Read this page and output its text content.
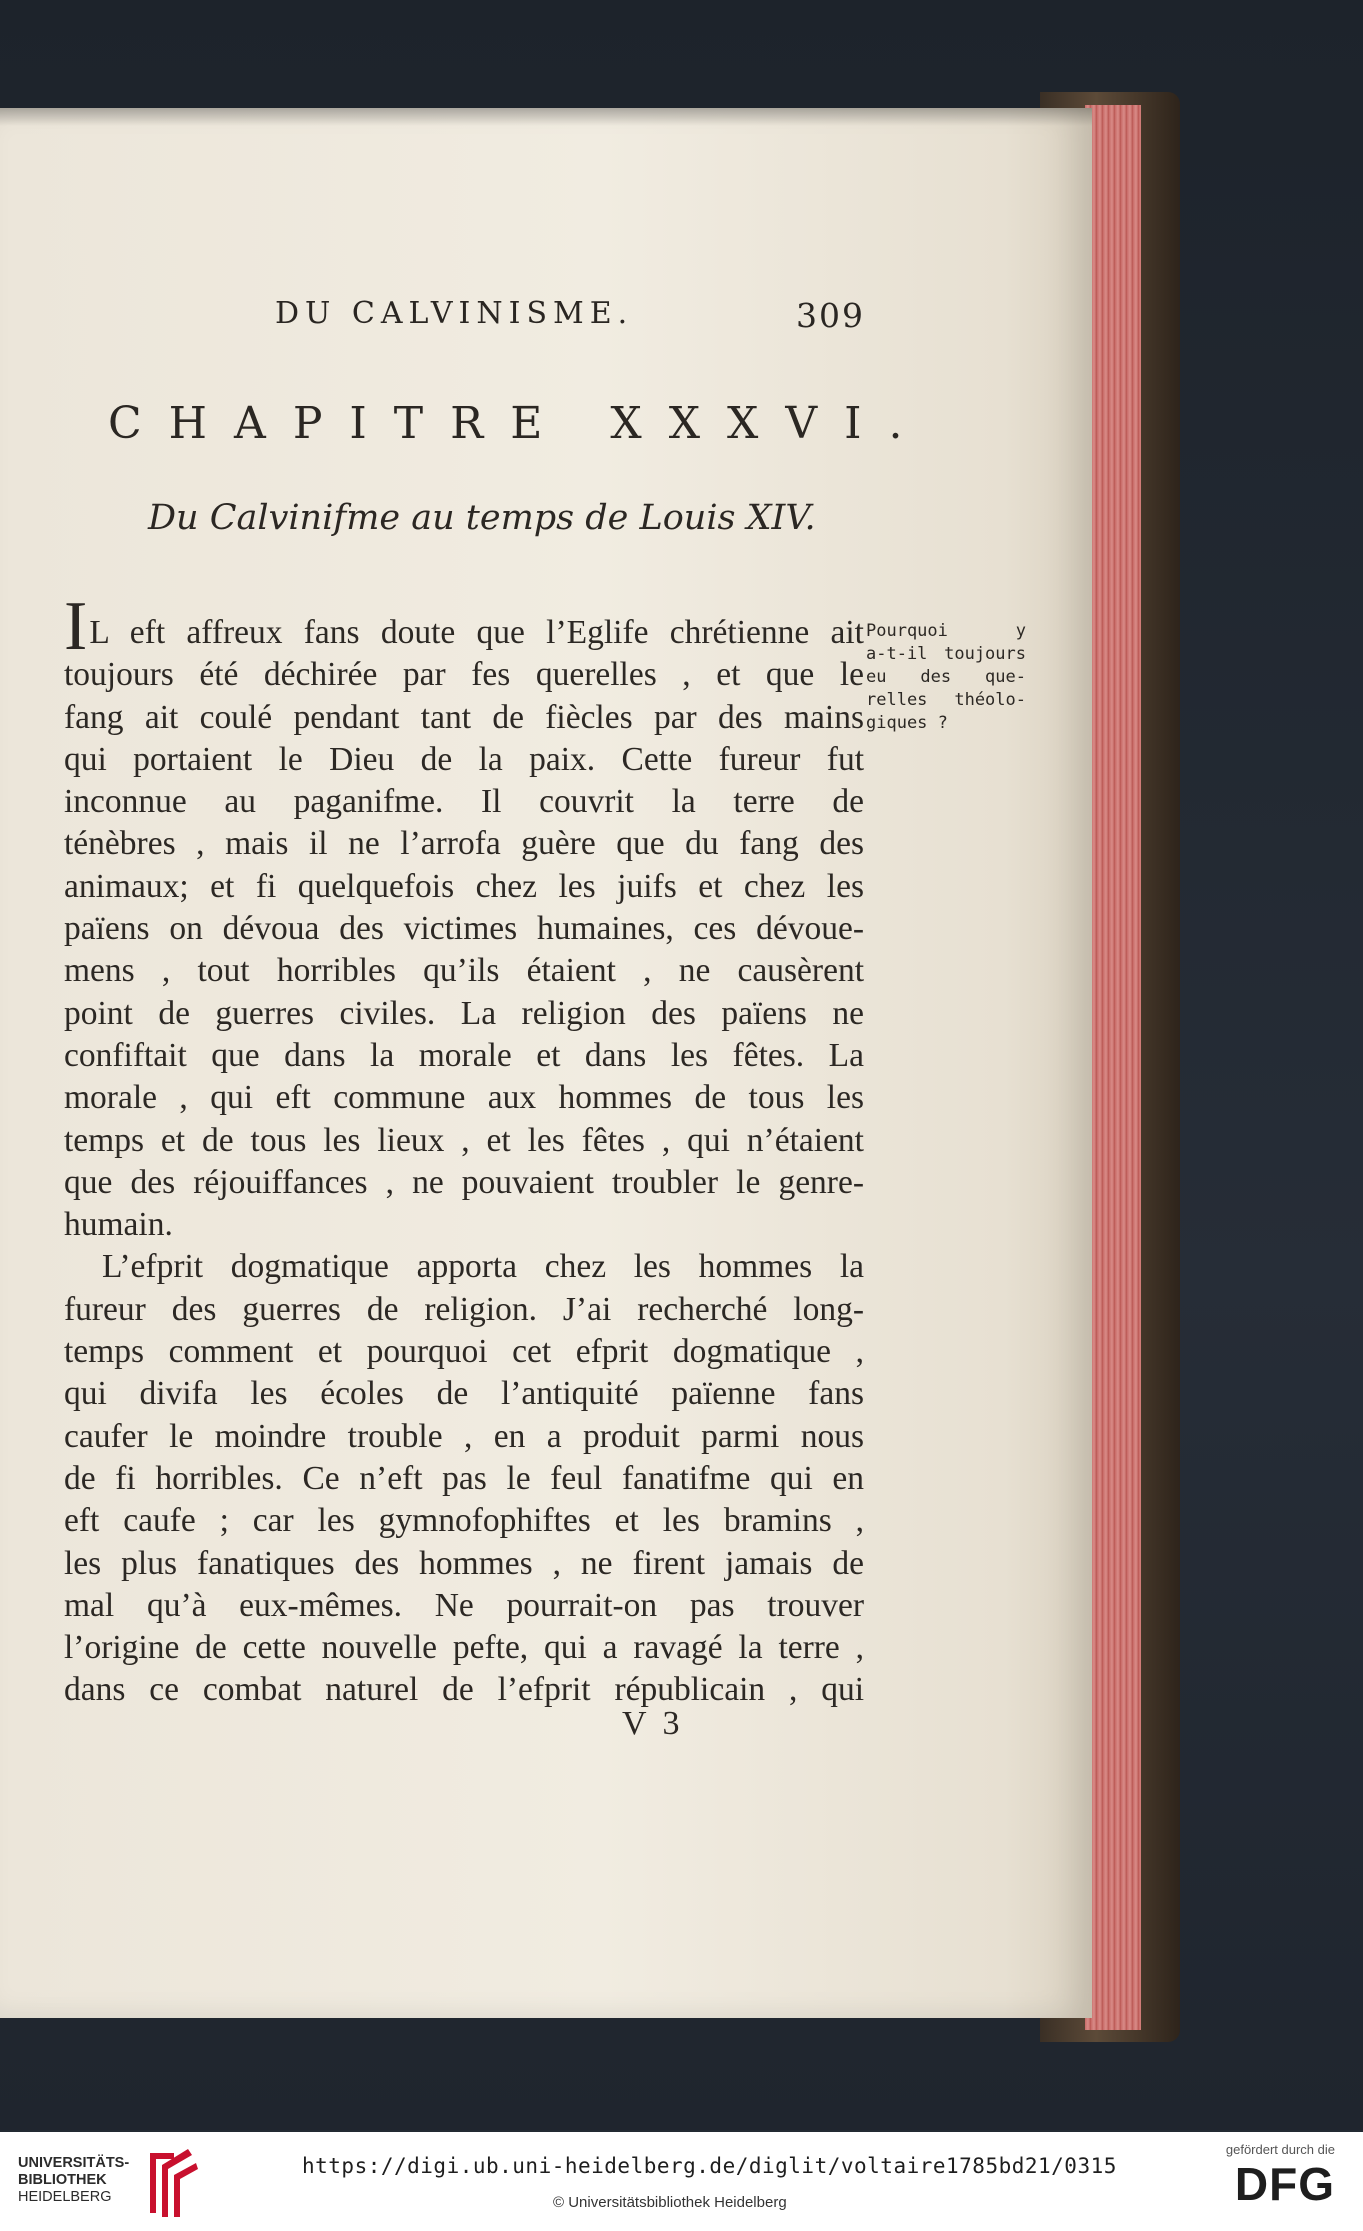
DU CALVINISME.	309
CHAPITRE XXXVI.
Du Calvinifme au temps de Louis XIV.
IL eft affreux fans doute que l’Eglife chrétienne ait
toujours été déchirée par fes querelles , et que le
fang ait coulé pendant tant de fiècles par des mains
qui portaient le Dieu de la paix. Cette fureur fut
inconnue au paganifme. Il couvrit la terre de
ténèbres , mais il ne l’arrofa guère que du fang des
animaux; et fi quelquefois chez les juifs et chez les
païens on dévoua des victimes humaines, ces dévoue-
mens , tout horribles qu’ils étaient , ne causèrent
point de guerres civiles. La religion des païens ne
confiftait que dans la morale et dans les fêtes. La
morale , qui eft commune aux hommes de tous les
temps et de tous les lieux , et les fêtes , qui n’étaient
que des réjouiffances , ne pouvaient troubler le genre-
humain.
L’efprit dogmatique apporta chez les hommes la
fureur des guerres de religion. J’ai recherché long-
temps comment et pourquoi cet efprit dogmatique ,
qui divifa les écoles de l’antiquité païenne fans
caufer le moindre trouble , en a produit parmi nous
de fi horribles. Ce n’eft pas le feul fanatifme qui en
eft caufe ; car les gymnofophiftes et les bramins ,
les plus fanatiques des hommes , ne firent jamais de
mal qu’à eux-mêmes. Ne pourrait-on pas trouver
l’origine de cette nouvelle pefte, qui a ravagé la terre ,
dans ce combat naturel de l’efprit républicain , qui
Pourquoi y
a-t-il toujours
eu des que-
relles théolo-
giques ?
V 3
UNIVERSITÄTS-
BIBLIOTHEK
HEIDELBERG
https://digi.ub.uni-heidelberg.de/diglit/voltaire1785bd21/0315
© Universitätsbibliothek Heidelberg
gefördert durch die
DFG
